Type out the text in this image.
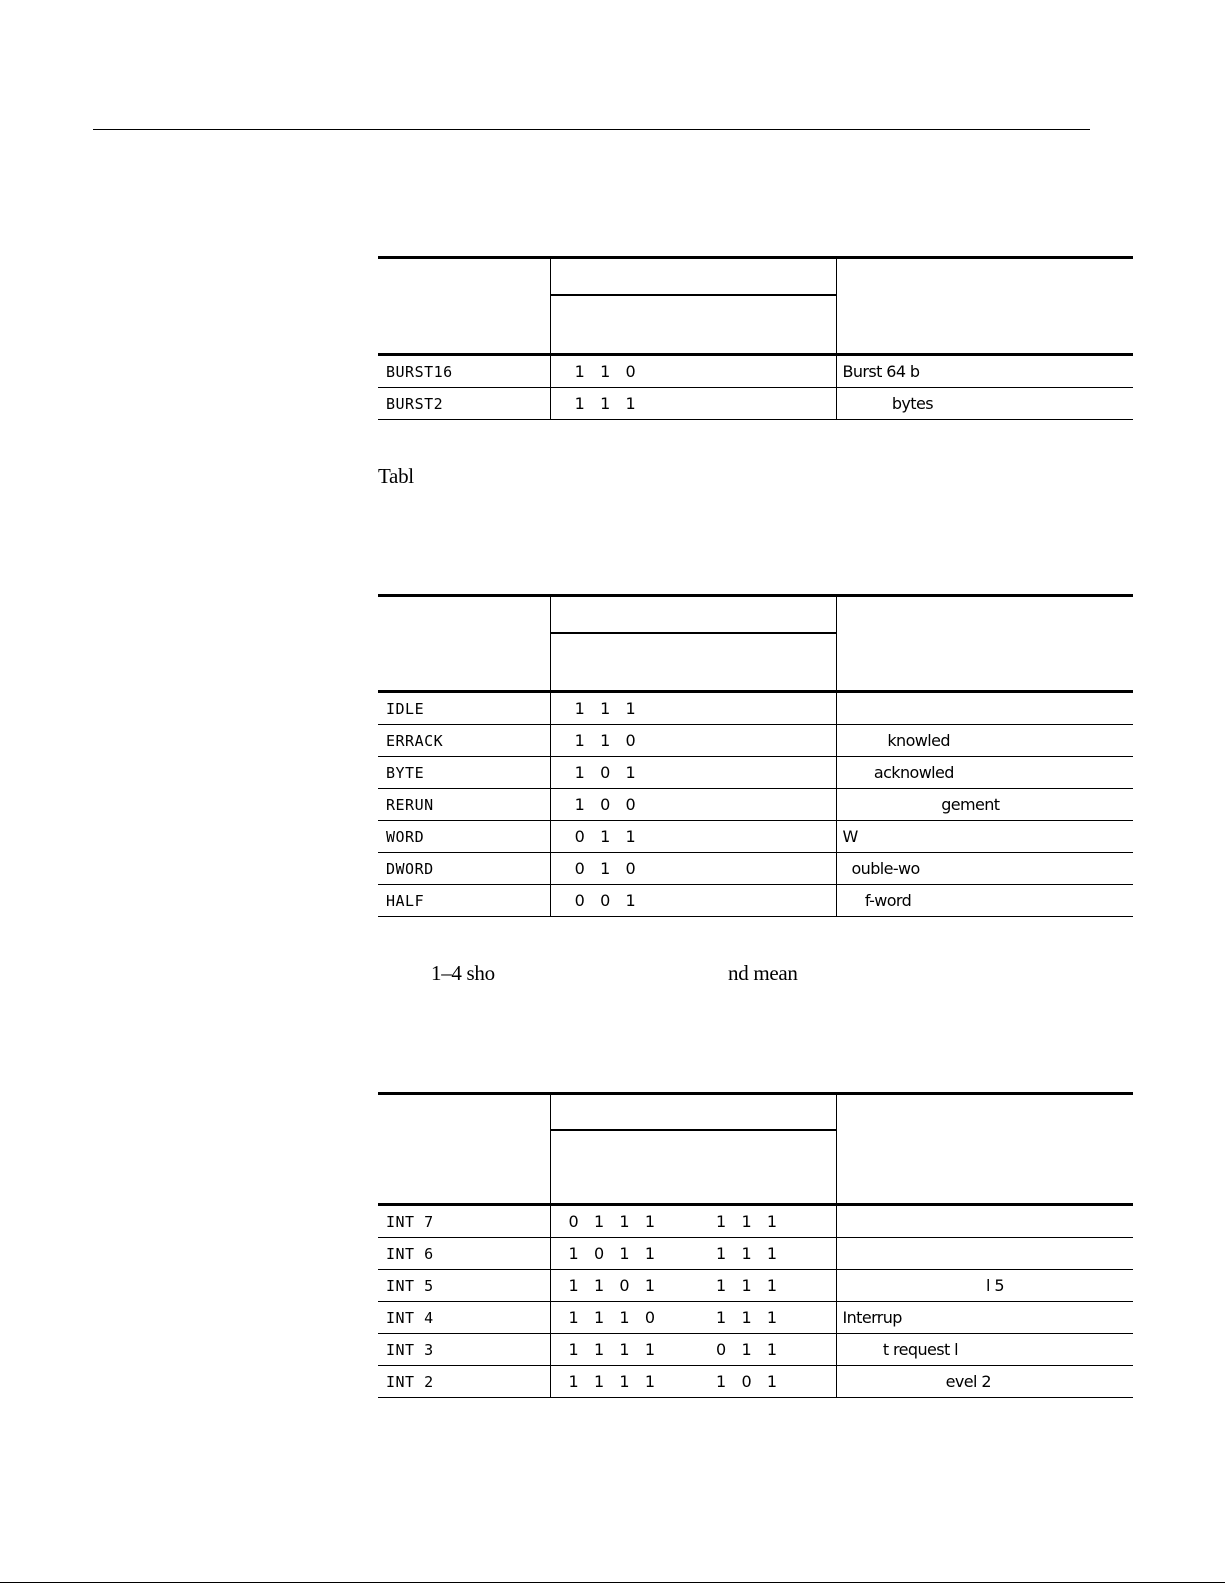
BURST16	1   1   0	Burst 64 b
BURST2	1   1   1	bytes
Tabl

IDLE	1   1   1	
ERRACK	1   1   0	knowled
BYTE	1   0   1	acknowled
RERUN	1   0   0	gement
WORD	0   1   1	W
DWORD	0   1   0	ouble-wo
HALF	0   0   1	f-word
1–4 sho	nd mean

INT 7	0   1   1   1            1   1   1	
INT 6	1   0   1   1            1   1   1	
INT 5	1   1   0   1            1   1   1	l 5
INT 4	1   1   1   0            1   1   1	Interrup
INT 3	1   1   1   1            0   1   1	t request l
INT 2	1   1   1   1            1   0   1	evel 2
